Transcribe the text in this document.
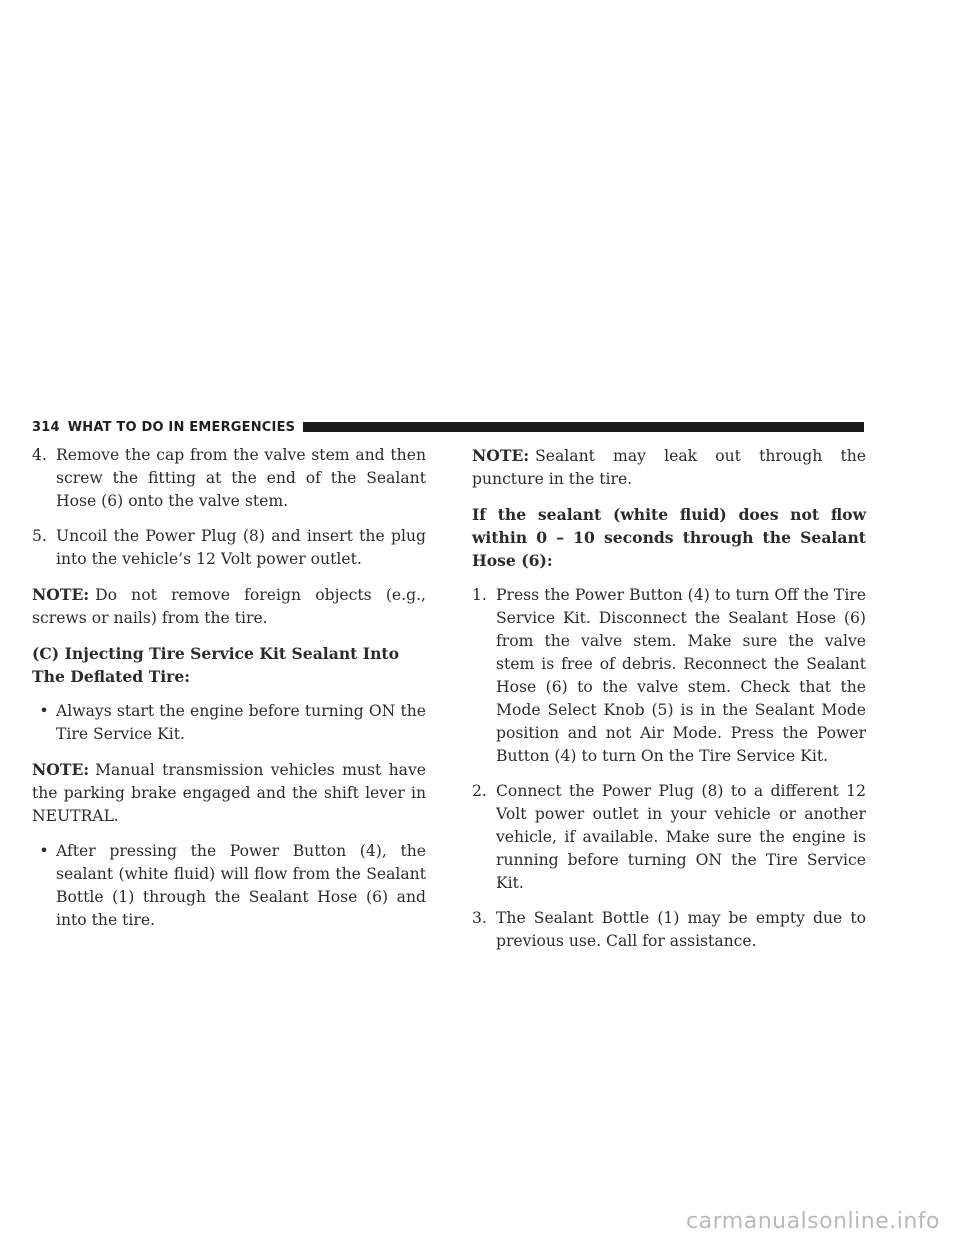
314 WHAT TO DO IN EMERGENCIES

4. Remove the cap from the valve stem and then screw the fitting at the end of the Sealant Hose (6) onto the valve stem.

5. Uncoil the Power Plug (8) and insert the plug into the vehicle’s 12 Volt power outlet.

NOTE: Do not remove foreign objects (e.g., screws or nails) from the tire.

(C) Injecting Tire Service Kit Sealant Into The Deflated Tire:

• Always start the engine before turning ON the Tire Service Kit.

NOTE: Manual transmission vehicles must have the parking brake engaged and the shift lever in NEUTRAL.

• After pressing the Power Button (4), the sealant (white fluid) will flow from the Sealant Bottle (1) through the Sealant Hose (6) and into the tire.

NOTE: Sealant may leak out through the puncture in the tire.

If the sealant (white fluid) does not flow within 0 – 10 seconds through the Sealant Hose (6):

1. Press the Power Button (4) to turn Off the Tire Service Kit. Disconnect the Sealant Hose (6) from the valve stem. Make sure the valve stem is free of debris. Reconnect the Sealant Hose (6) to the valve stem. Check that the Mode Select Knob (5) is in the Sealant Mode position and not Air Mode. Press the Power Button (4) to turn On the Tire Service Kit.

2. Connect the Power Plug (8) to a different 12 Volt power outlet in your vehicle or another vehicle, if available. Make sure the engine is running before turning ON the Tire Service Kit.

3. The Sealant Bottle (1) may be empty due to previous use. Call for assistance.

carmanualsonline.info
